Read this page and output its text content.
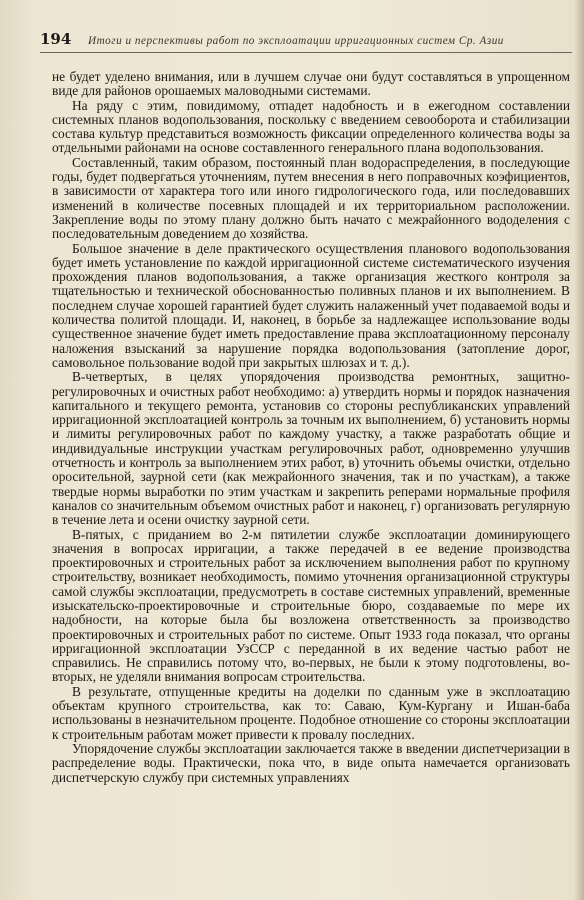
194	Итоги и перспективы работ по эксплоатации ирригационных систем Ср. Азии

не будет уделено внимания, или в лучшем случае они будут составляться в упрощенном виде для районов орошаемых маловодными системами.

На ряду с этим, повидимому, отпадет надобность и в ежегодном составлении системных планов водопользования, поскольку с введением севооборота и стабилизации состава культур представиться возможность фиксации определенного количества воды за отдельными районами на основе составленного генерального плана водопользования.

Составленный, таким образом, постоянный план водораспределения, в последующие годы, будет подвергаться уточнениям, путем внесения в него поправочных коэфициентов, в зависимости от характера того или иного гидрологического года, или последовавших изменений в количестве посевных площадей и их территориальном расположении. Закрепление воды по этому плану должно быть начато с межрайонного вододеления с последовательным доведением до хозяйства.

Большое значение в деле практического осуществления планового водопользования будет иметь установление по каждой ирригационной системе систематического изучения прохождения планов водопользования, а также организация жесткого контроля за тщательностью и технической обоснованностью поливных планов и их выполнением. В последнем случае хорошей гарантией будет служить налаженный учет подаваемой воды и количества политой площади. И, наконец, в борьбе за надлежащее использование воды существенное значение будет иметь предоставление права эксплоатационному персоналу наложения взысканий за нарушение порядка водопользования (затопление дорог, самовольное пользование водой при закрытых шлюзах и т. д.).

В-четвертых, в целях упорядочения производства ремонтных, защитно-регулировочных и очистных работ необходимо: а) утвердить нормы и порядок назначения капитального и текущего ремонта, установив со стороны республиканских управлений ирригационной эксплоатацией контроль за точным их выполнением, б) установить нормы и лимиты регулировочных работ по каждому участку, а также разработать общие и индивидуальные инструкции участкам регулировочных работ, одновременно улучшив отчетность и контроль за выполнением этих работ, в) уточнить объемы очистки, отдельно оросительной, заурной сети (как межрайонного значения, так и по участкам), а также твердые нормы выработки по этим участкам и закрепить реперами нормальные профиля каналов со значительным объемом очистных работ и наконец, г) организовать регулярную в течение лета и осени очистку заурной сети.

В-пятых, с приданием во 2-м пятилетии службе эксплоатации доминирующего значения в вопросах ирригации, а также передачей в ее ведение производства проектировочных и строительных работ за исключением выполнения работ по крупному строительству, возникает необходимость, помимо уточнения организационной структуры самой службы эксплоатации, предусмотреть в составе системных управлений, временные изыскательско-проектировочные и строительные бюро, создаваемые по мере их надобности, на которые была бы возложена ответственность за производство проектировочных и строительных работ по системе. Опыт 1933 года показал, что органы ирригационной эксплоатации УзССР с переданной в их ведение частью работ не справились. Не справились потому что, во-первых, не были к этому подготовлены, во-вторых, не уделяли внимания вопросам строительства.

В результате, отпущенные кредиты на доделки по сданным уже в эксплоатацию объектам крупного строительства, как то: Саваю, Кум-Кургану и Ишан-баба использованы в незначительном проценте. Подобное отношение со стороны эксплоатации к строительным работам может привести к провалу последних.

Упорядочение службы эксплоатации заключается также в введении диспетчеризации в распределение воды. Практически, пока что, в виде опыта намечается организовать диспетчерскую службу при системных управлениях
